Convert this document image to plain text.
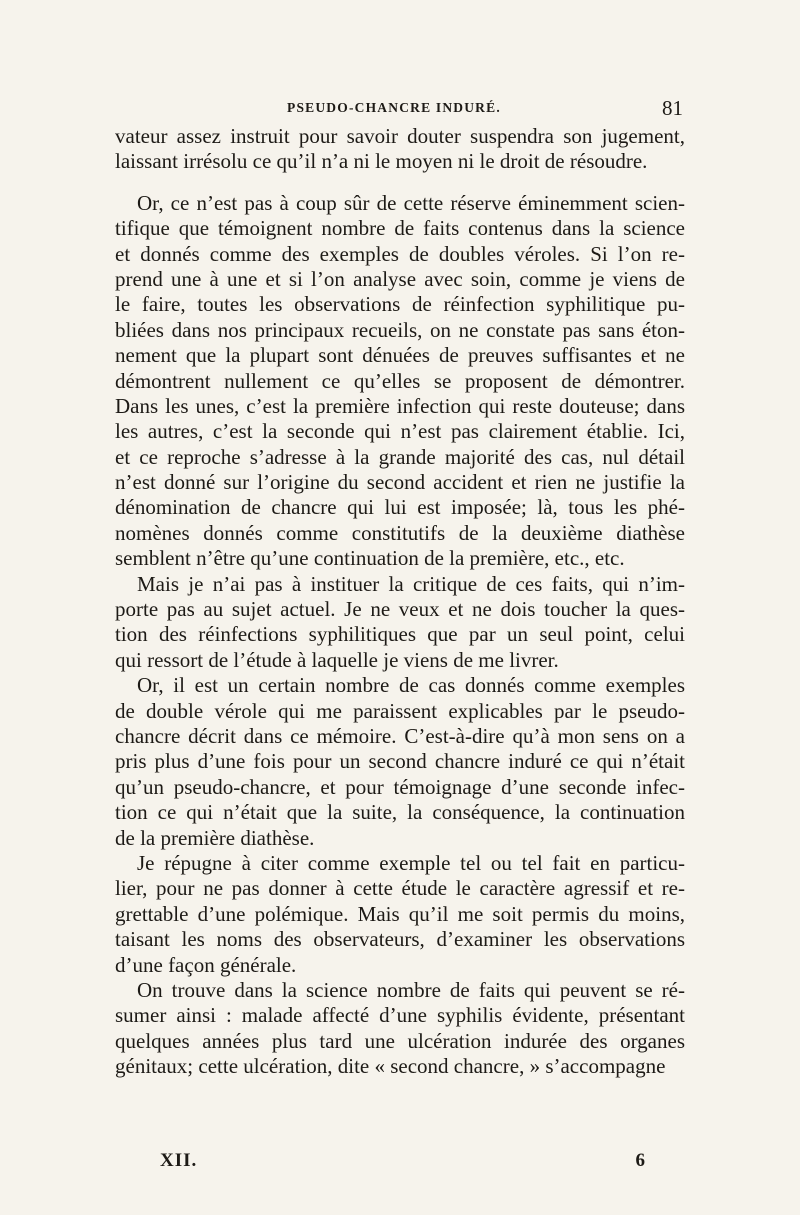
PSEUDO-CHANCRE INDURÉ.	81
vateur assez instruit pour savoir douter suspendra son jugement,
laissant irrésolu ce qu’il n’a ni le moyen ni le droit de résoudre.
Or, ce n’est pas à coup sûr de cette réserve éminemment scien-
tifique que témoignent nombre de faits contenus dans la science
et donnés comme des exemples de doubles véroles. Si l’on re-
prend une à une et si l’on analyse avec soin, comme je viens de
le faire, toutes les observations de réinfection syphilitique pu-
bliées dans nos principaux recueils, on ne constate pas sans éton-
nement que la plupart sont dénuées de preuves suffisantes et ne
démontrent nullement ce qu’elles se proposent de démontrer.
Dans les unes, c’est la première infection qui reste douteuse; dans
les autres, c’est la seconde qui n’est pas clairement établie. Ici,
et ce reproche s’adresse à la grande majorité des cas, nul détail
n’est donné sur l’origine du second accident et rien ne justifie la
dénomination de chancre qui lui est imposée; là, tous les phé-
nomènes donnés comme constitutifs de la deuxième diathèse
semblent n’être qu’une continuation de la première, etc., etc.
Mais je n’ai pas à instituer la critique de ces faits, qui n’im-
porte pas au sujet actuel. Je ne veux et ne dois toucher la ques-
tion des réinfections syphilitiques que par un seul point, celui
qui ressort de l’étude à laquelle je viens de me livrer.
Or, il est un certain nombre de cas donnés comme exemples
de double vérole qui me paraissent explicables par le pseudo-
chancre décrit dans ce mémoire. C’est-à-dire qu’à mon sens on a
pris plus d’une fois pour un second chancre induré ce qui n’était
qu’un pseudo-chancre, et pour témoignage d’une seconde infec-
tion ce qui n’était que la suite, la conséquence, la continuation
de la première diathèse.
Je répugne à citer comme exemple tel ou tel fait en particu-
lier, pour ne pas donner à cette étude le caractère agressif et re-
grettable d’une polémique. Mais qu’il me soit permis du moins,
taisant les noms des observateurs, d’examiner les observations
d’une façon générale.
On trouve dans la science nombre de faits qui peuvent se ré-
sumer ainsi : malade affecté d’une syphilis évidente, présentant
quelques années plus tard une ulcération indurée des organes
génitaux; cette ulcération, dite « second chancre, » s’accompagne
XII.	6
